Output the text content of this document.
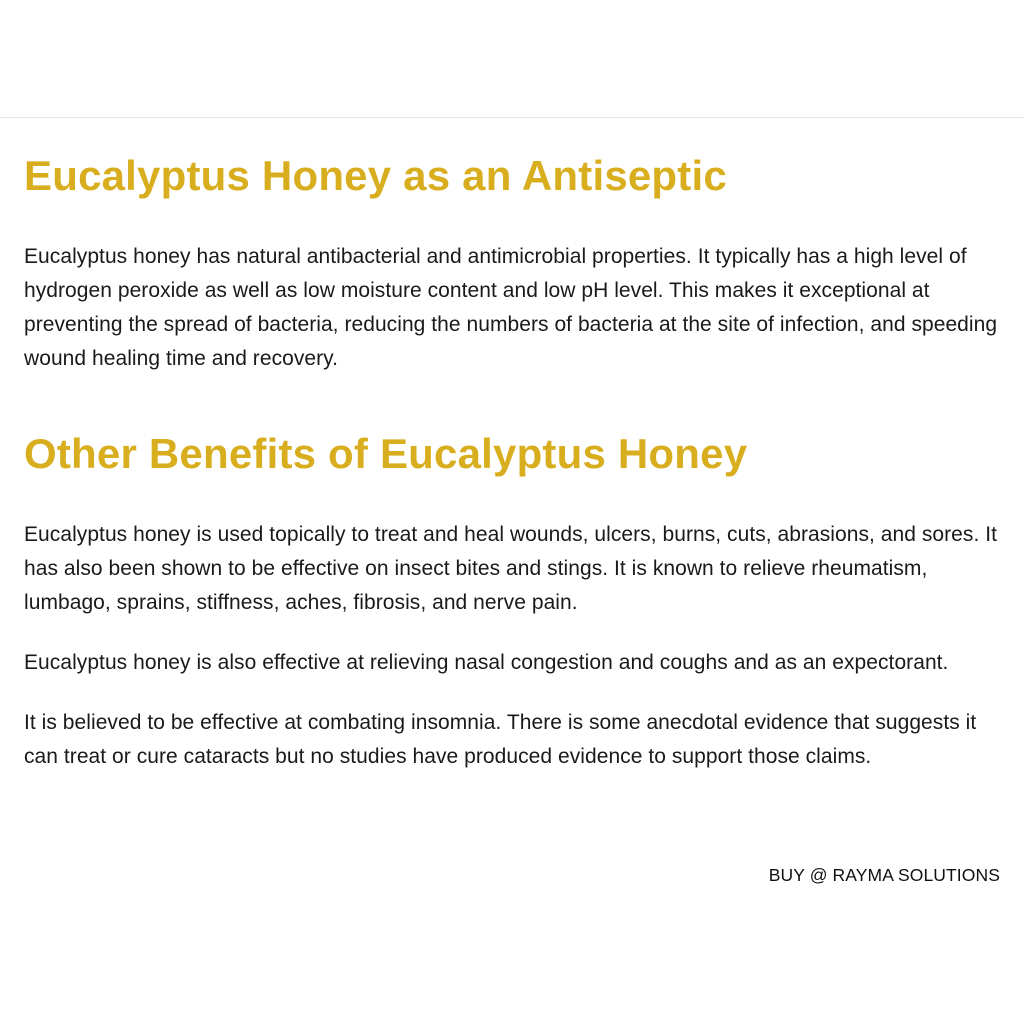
Eucalyptus Honey as an Antiseptic

Eucalyptus honey has natural antibacterial and antimicrobial properties. It typically has a high level of hydrogen peroxide as well as low moisture content and low pH level. This makes it exceptional at preventing the spread of bacteria, reducing the numbers of bacteria at the site of infection, and speeding wound healing time and recovery.

Other Benefits of Eucalyptus Honey

Eucalyptus honey is used topically to treat and heal wounds, ulcers, burns, cuts, abrasions, and sores. It has also been shown to be effective on insect bites and stings. It is known to relieve rheumatism, lumbago, sprains, stiffness, aches, fibrosis, and nerve pain.

Eucalyptus honey is also effective at relieving nasal congestion and coughs and as an expectorant.

It is believed to be effective at combating insomnia. There is some anecdotal evidence that suggests it can treat or cure cataracts but no studies have produced evidence to support those claims.

BUY @ RAYMA SOLUTIONS
